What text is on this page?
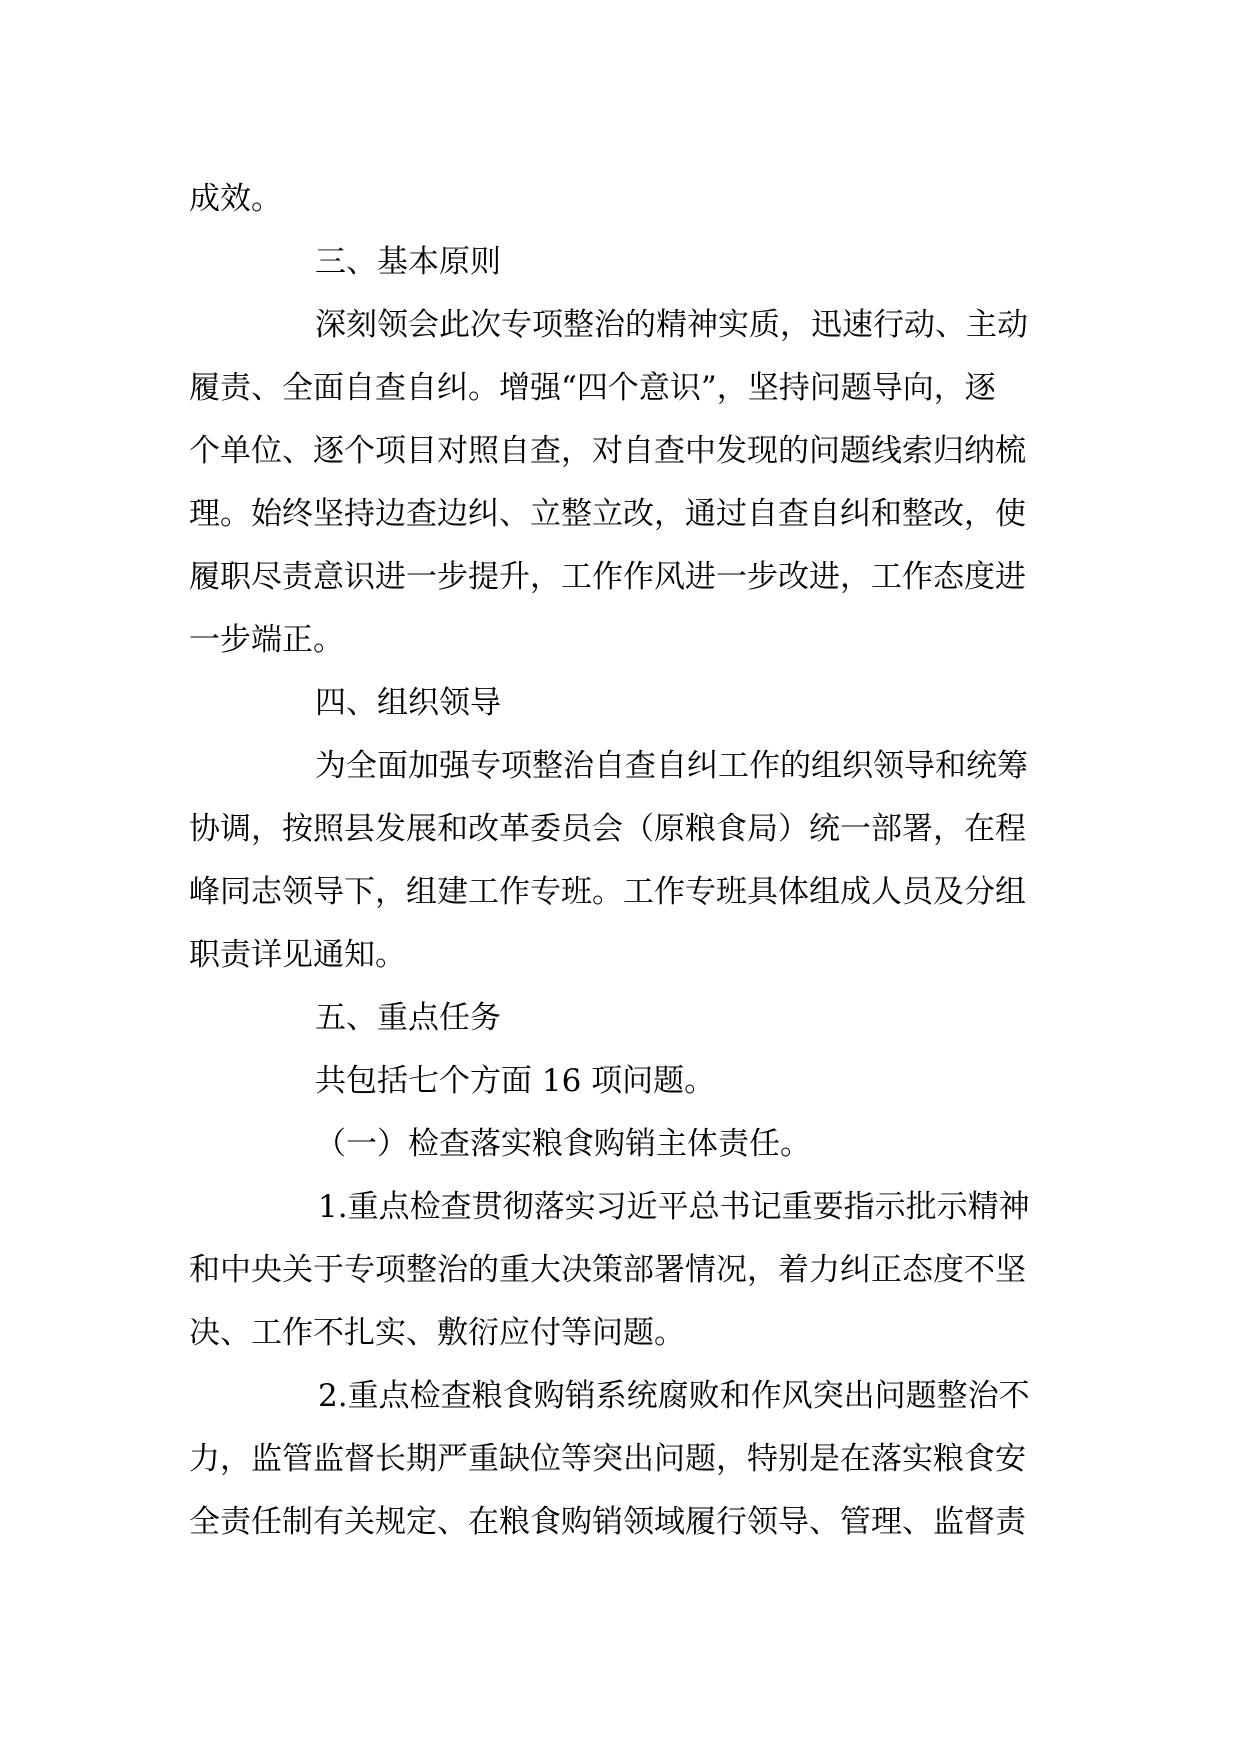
成效。
三、基本原则
深刻领会此次专项整治的精神实质，迅速行动、主动
履责、全面自查自纠。增强“四个意识”，坚持问题导向，逐
个单位、逐个项目对照自查，对自查中发现的问题线索归纳梳
理。始终坚持边查边纠、立整立改，通过自查自纠和整改，使
履职尽责意识进一步提升，工作作风进一步改进，工作态度进
一步端正。
四、组织领导
为全面加强专项整治自查自纠工作的组织领导和统筹
协调，按照县发展和改革委员会（原粮食局）统一部署，在程
峰同志领导下，组建工作专班。工作专班具体组成人员及分组
职责详见通知。
五、重点任务
共包括七个方面 16 项问题。
（一）检查落实粮食购销主体责任。
1.重点检查贯彻落实习近平总书记重要指示批示精神
和中央关于专项整治的重大决策部署情况，着力纠正态度不坚
决、工作不扎实、敷衍应付等问题。
2.重点检查粮食购销系统腐败和作风突出问题整治不
力，监管监督长期严重缺位等突出问题，特别是在落实粮食安
全责任制有关规定、在粮食购销领域履行领导、管理、监督责
